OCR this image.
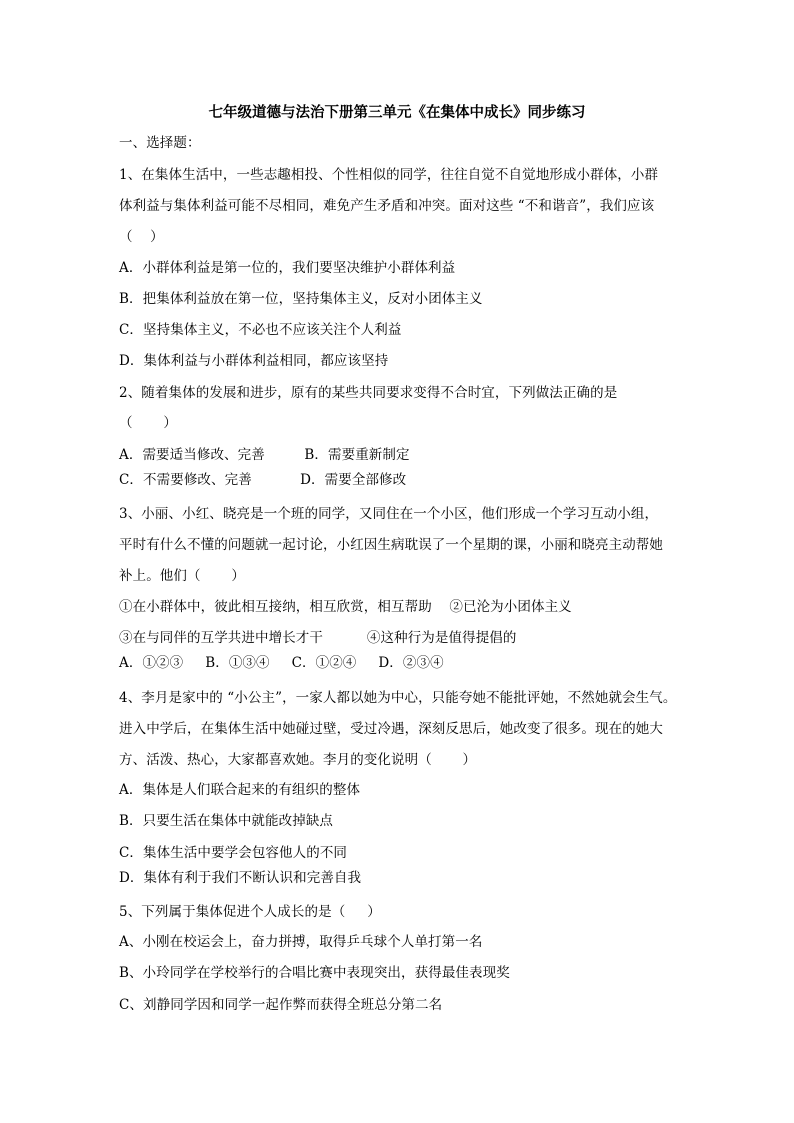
七年级道德与法治下册第三单元《在集体中成长》同步练习
一、选择题：
1、在集体生活中，一些志趣相投、个性相似的同学，往往自觉不自觉地形成小群体，小群
体利益与集体利益可能不尽相同，难免产生矛盾和冲突。面对这些 “不和谐音”，我们应该
（    ）
A．小群体利益是第一位的，我们要坚决维护小群体利益
B．把集体利益放在第一位，坚持集体主义，反对小团体主义
C．坚持集体主义，不必也不应该关注个人利益
D．集体利益与小群体利益相同，都应该坚持
2、随着集体的发展和进步，原有的某些共同要求变得不合时宜，下列做法正确的是
（       ）
A．需要适当修改、完善         B．需要重新制定
C．不需要修改、完善           D．需要全部修改
3、小丽、小红、晓亮是一个班的同学，又同住在一个小区，他们形成一个学习互动小组，
平时有什么不懂的问题就一起讨论，小红因生病耽误了一个星期的课，小丽和晓亮主动帮她
补上。他们（       ）
①在小群体中，彼此相互接纳，相互欣赏，相互帮助    ②已沦为小团体主义
③在与同伴的互学共进中增长才干          ④这种行为是值得提倡的
A．①②③     B．①③④     C．①②④     D．②③④
4、李月是家中的 “小公主”，一家人都以她为中心，只能夸她不能批评她，不然她就会生气。
进入中学后，在集体生活中她碰过壁，受过冷遇，深刻反思后，她改变了很多。现在的她大
方、活泼、热心，大家都喜欢她。李月的变化说明（       ）
A．集体是人们联合起来的有组织的整体
B．只要生活在集体中就能改掉缺点
C．集体生活中要学会包容他人的不同
D．集体有利于我们不断认识和完善自我
5、下列属于集体促进个人成长的是（     ）
A、小刚在校运会上，奋力拼搏，取得乒乓球个人单打第一名
B、小玲同学在学校举行的合唱比赛中表现突出，获得最佳表现奖
C、刘静同学因和同学一起作弊而获得全班总分第二名
